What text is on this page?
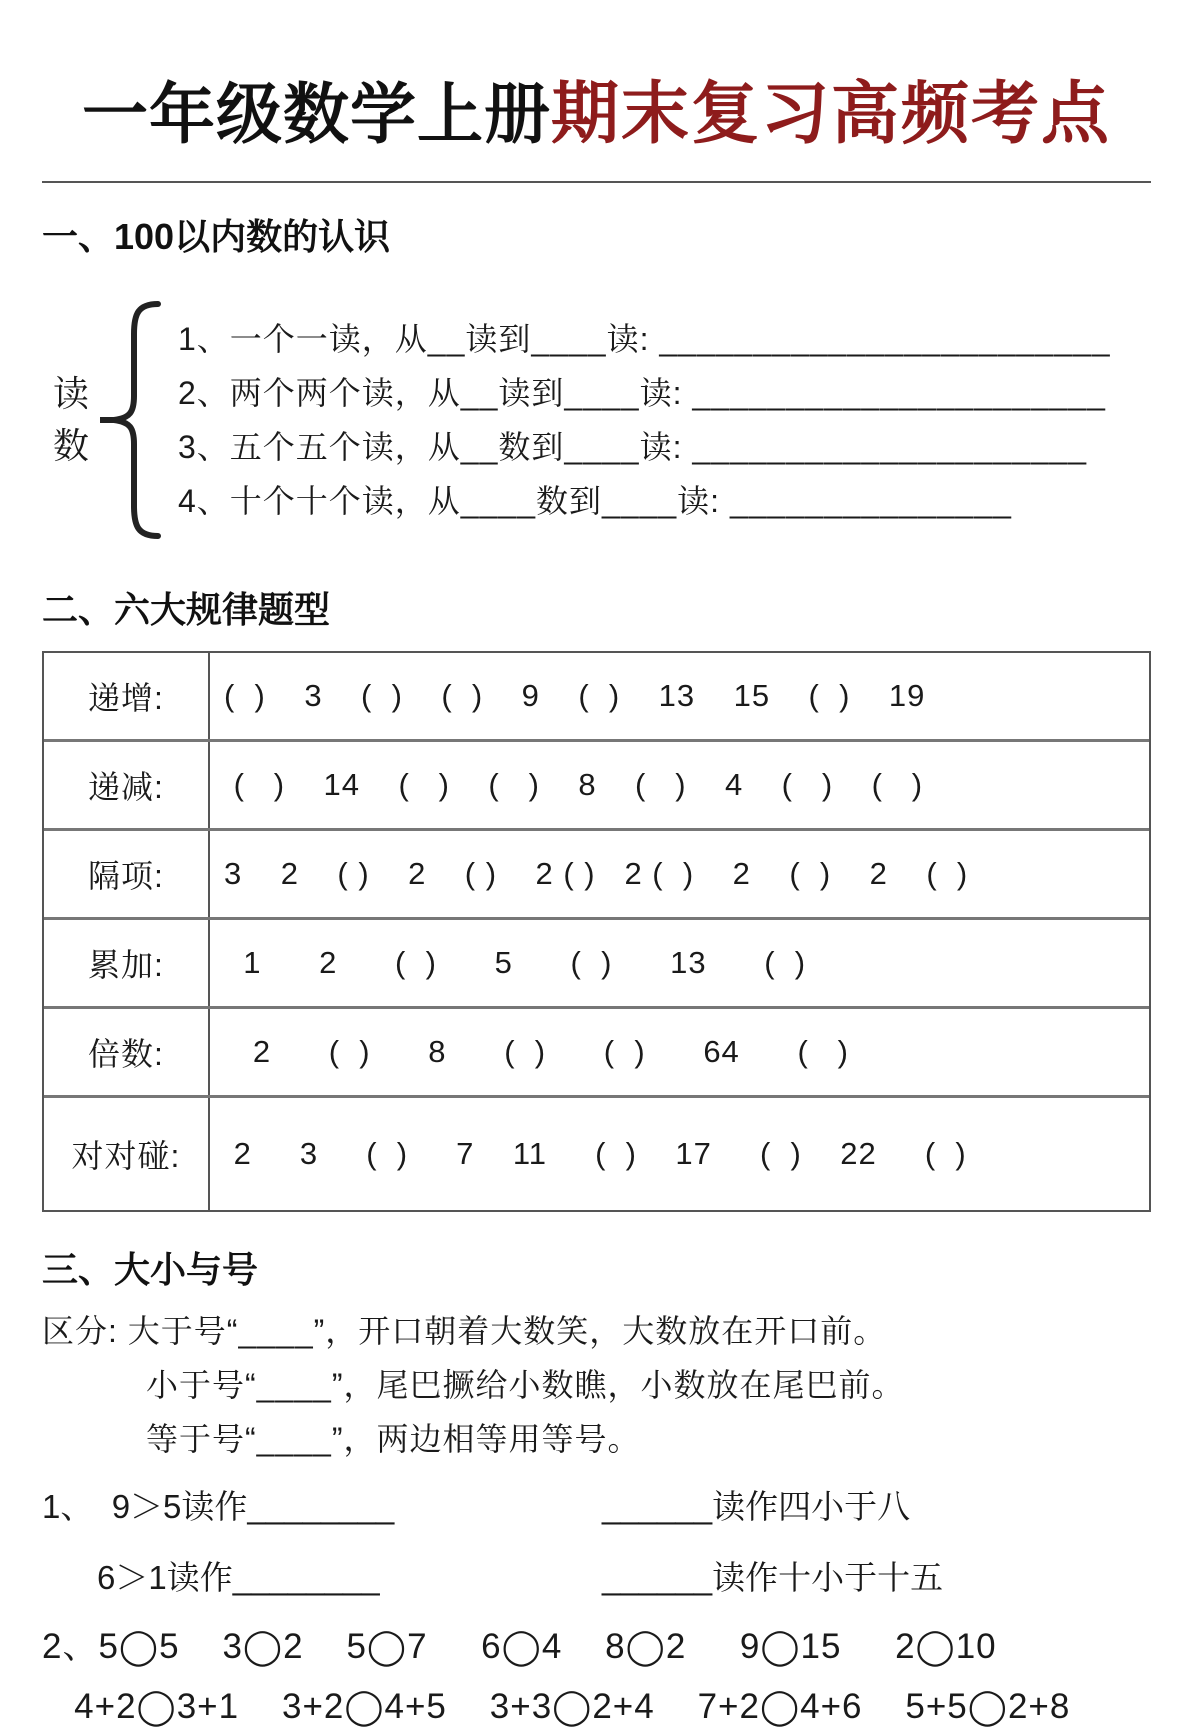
一年级数学上册 期末复习高频考点
一、100以内数的认识
读
数
1、一个一读，从__读到____读: ________________________
2、两个两个读，从__读到____读: ______________________
3、五个五个读，从__数到____读: _____________________
4、十个十个读，从____数到____读: _______________
二、六大规律题型
递增:	(  )    3    (  )    (  )    9    (  )    13    15    (  )    19
递减:	(   )    14    (   )    (   )    8    (   )    4    (   )    (   )
隔项:	3    2    ( )    2    ( )    2 ( )   2 (  )    2    (  )    2    (  )
累加:	1      2      (  )      5      (  )      13      (  )
倍数:	2      (  )      8      (  )      (  )      64      (   )
对对碰:	2     3     (  )     7    11     (  )    17     (  )    22     (  )
三、大小与号
区分: 大于号“____”，开口朝着大数笑，大数放在开口前。
小于号“____”，尾巴撅给小数瞧，小数放在尾巴前。
等于号“____”，两边相等用等号。
1、  9＞5读作________	______读作四小于八
6＞1读作________	______读作十小于十五
2、5◯5    3◯2    5◯7     6◯4    8◯2     9◯15     2◯10
4+2◯3+1    3+2◯4+5    3+3◯2+4    7+2◯4+6    5+5◯2+8
